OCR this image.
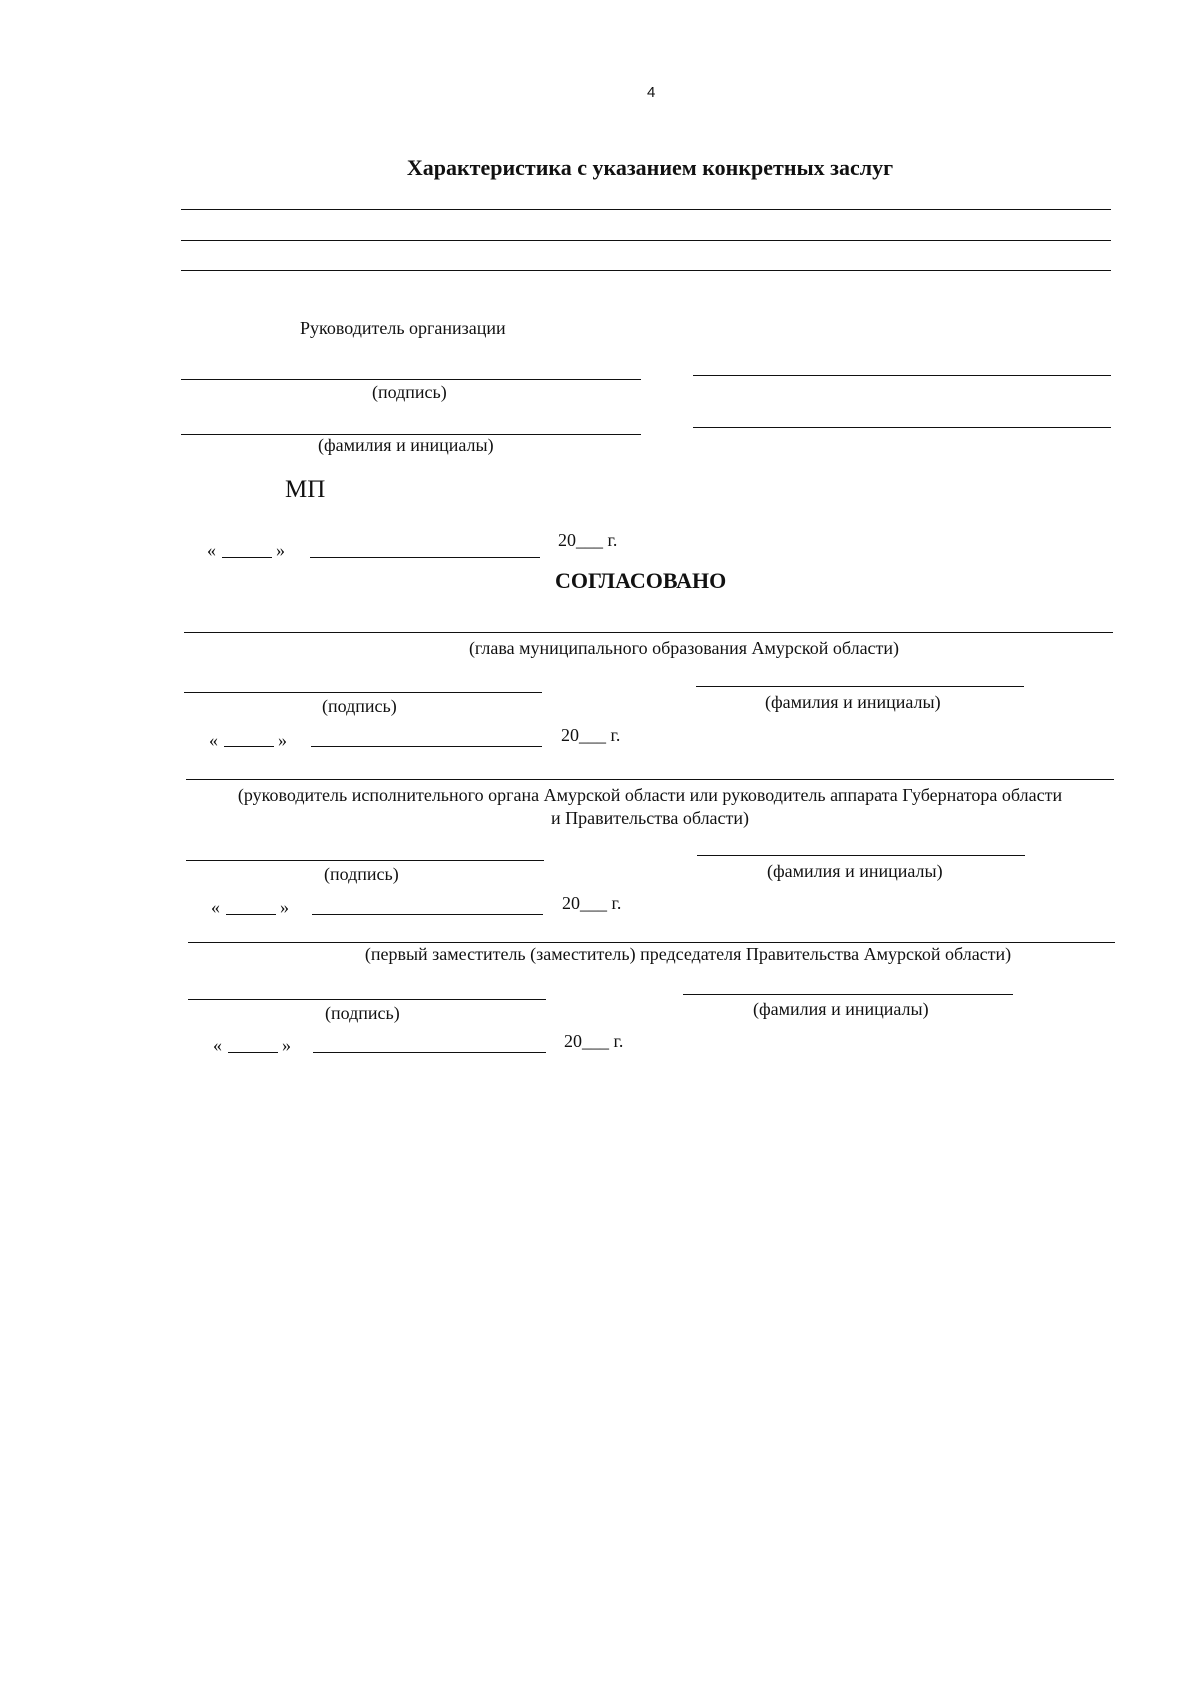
4
Характеристика с указанием конкретных заслуг
Руководитель организации
(подпись)
(фамилия и инициалы)
МП
«	»	20___ г.
СОГЛАСОВАНО
(глава муниципального образования Амурской области)
(подпись)	(фамилия и инициалы)
«	»	20___ г.
(руководитель исполнительного органа Амурской области или руководитель аппарата Губернатора области
и Правительства области)
(подпись)	(фамилия и инициалы)
«	»	20___ г.
(первый заместитель (заместитель) председателя Правительства Амурской области)
(подпись)	(фамилия и инициалы)
«	»	20___ г.
